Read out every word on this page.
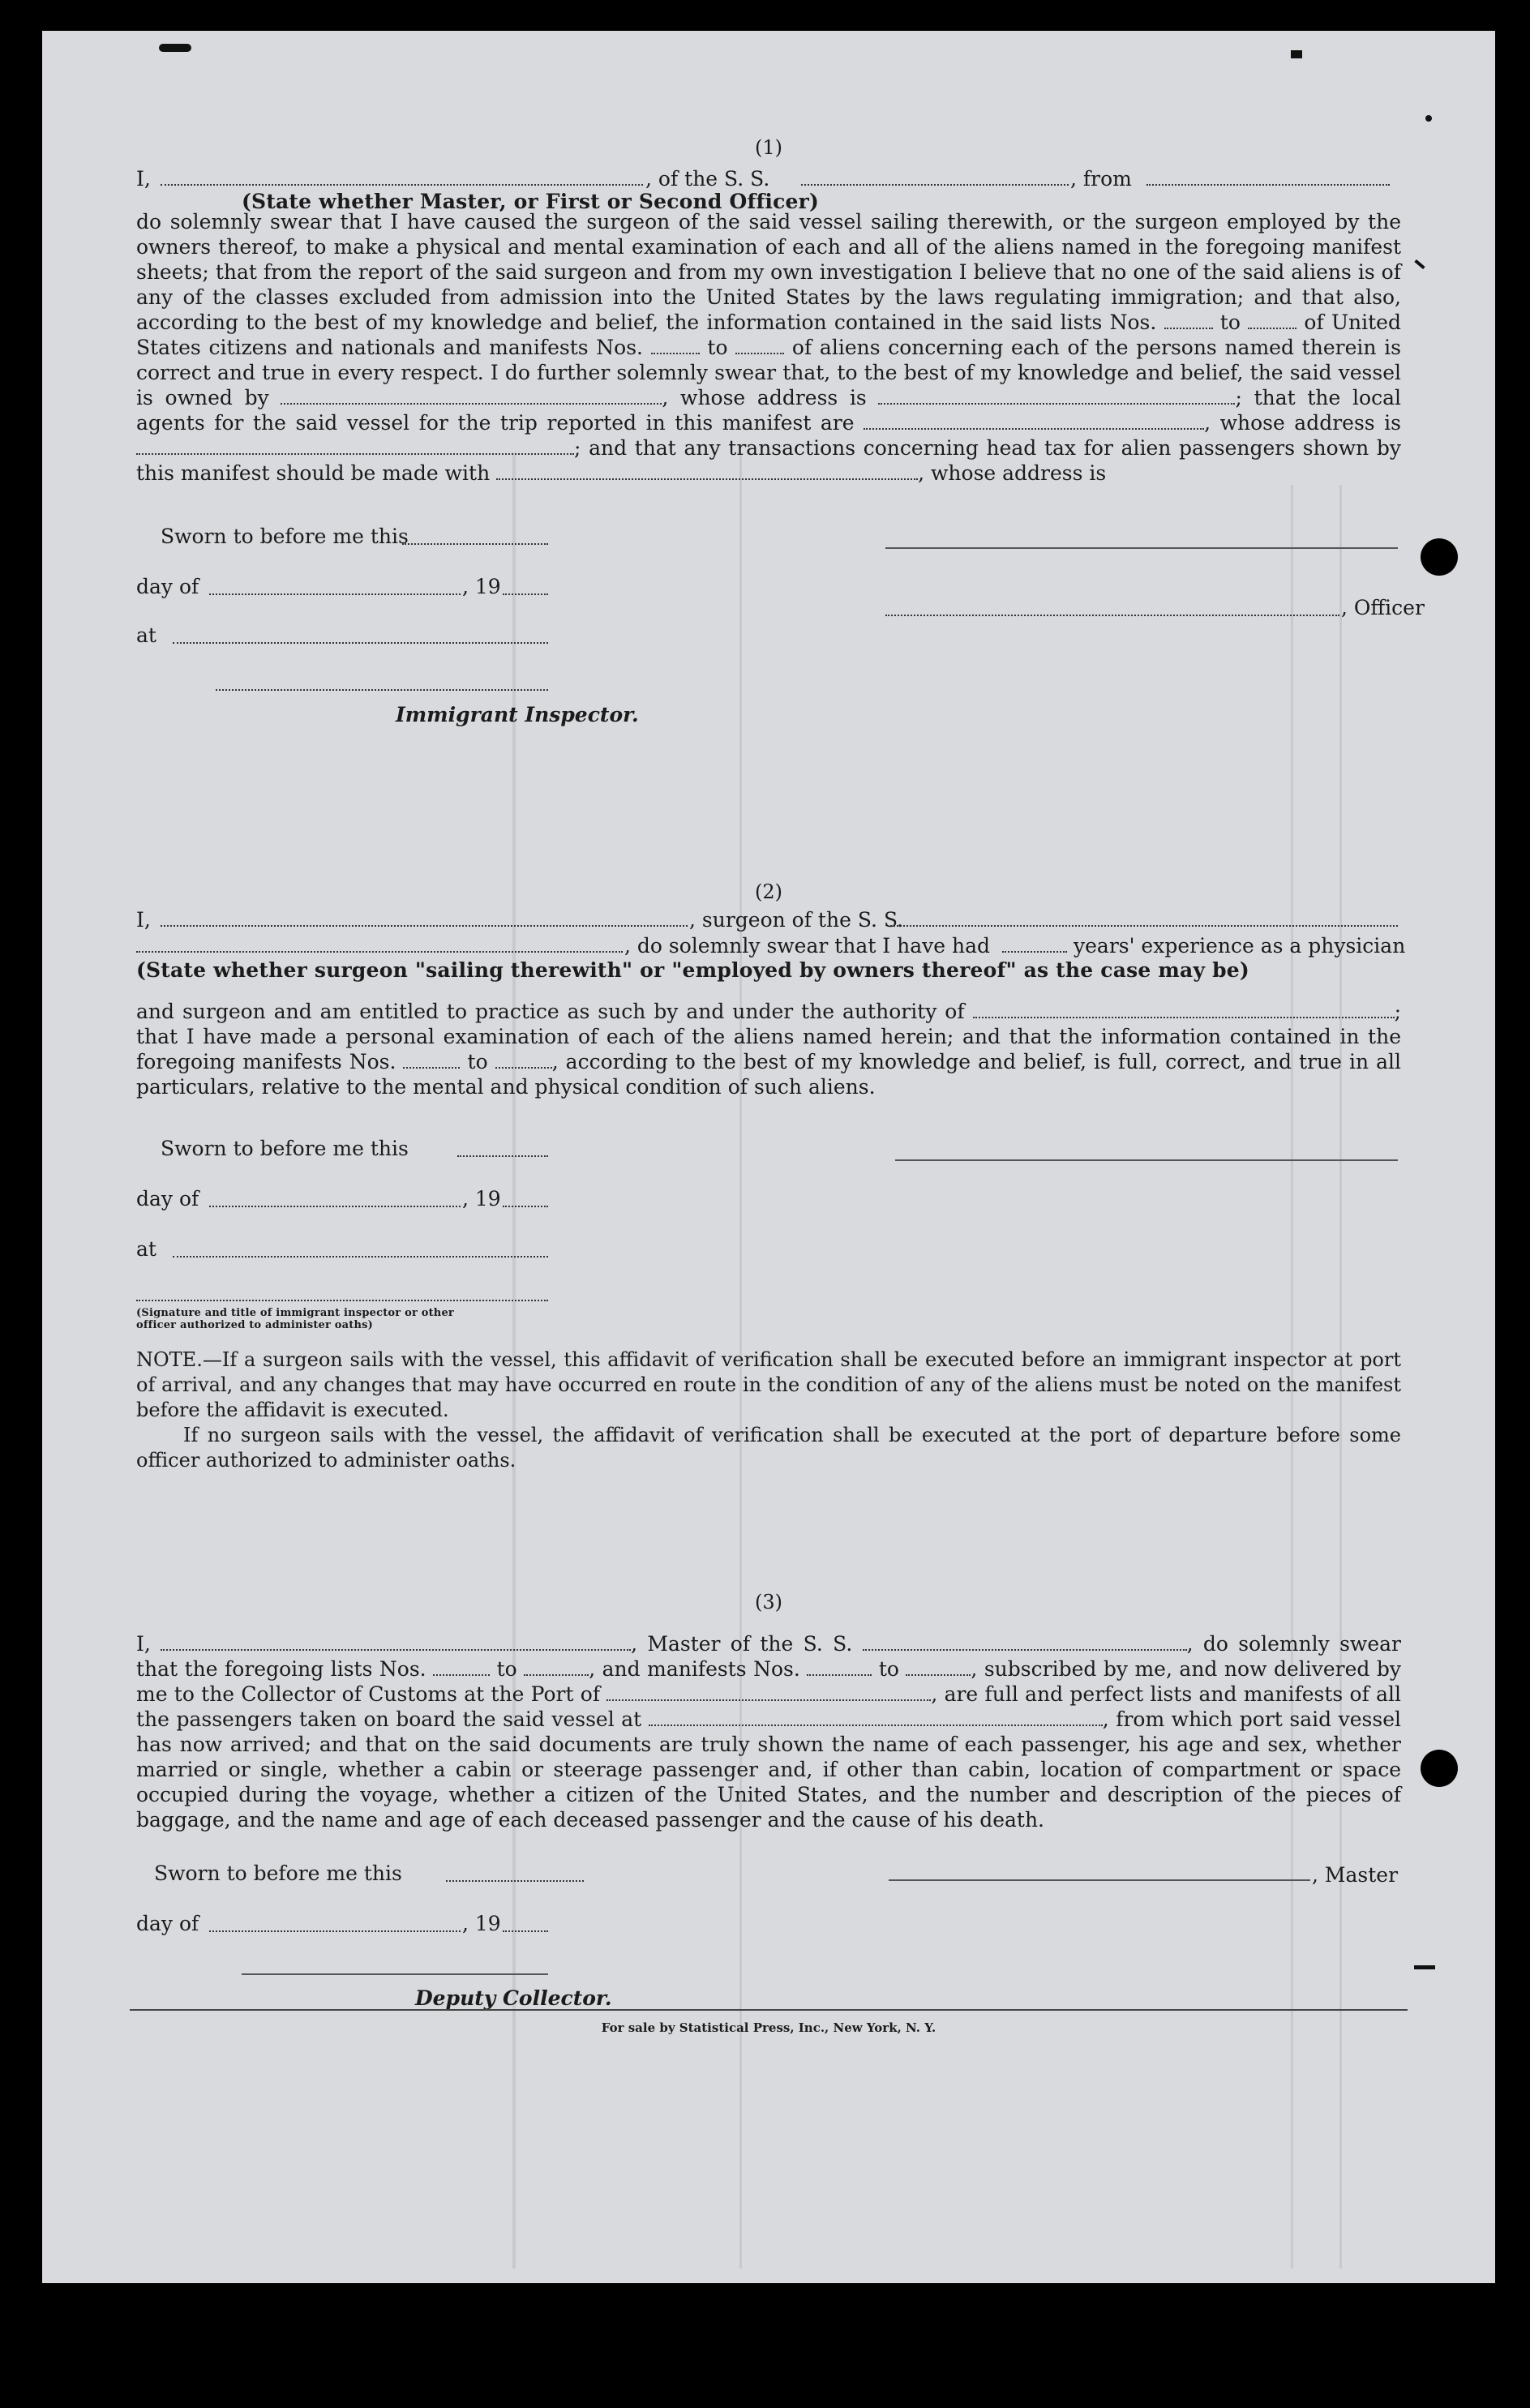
(1)
I,	, of the S. S.	, from
(State whether Master, or First or Second Officer)

do solemnly swear that I have caused the surgeon of the said vessel sailing therewith, or the surgeon employed by the owners thereof, to make a physical and mental examination of each and all of the aliens named in the foregoing manifest sheets; that from the report of the said surgeon and from my own investigation I believe that no one of the said aliens is of any of the classes excluded from admission into the United States by the laws regulating immigration; and that also, according to the best of my knowledge and belief, the information contained in the said lists Nos.	to	of United States citizens and nationals and manifests Nos.	to	of aliens concerning each of the persons named therein is correct and true in every respect. I do further solemnly swear that, to the best of my knowledge and belief, the said vessel is owned by	, whose address is	; that the local agents for the said vessel for the trip reported in this manifest are	, whose address is ; and that any transactions concerning head tax for alien passengers shown by this manifest should be made with	, whose address is

Sworn to before me this
day of	, 19
at
Immigrant Inspector.
, Officer
(2)
I,	, surgeon of the S. S.
, do solemnly swear that I have had	years' experience as a physician
(State whether surgeon "sailing therewith" or "employed by owners thereof" as the case may be)

and surgeon and am entitled to practice as such by and under the authority of	; that I have made a personal examination of each of the aliens named herein; and that the information contained in the foregoing manifests Nos.	to	, according to the best of my knowledge and belief, is full, correct, and true in all particulars, relative to the mental and physical condition of such aliens.

Sworn to before me this
day of	, 19
at
(Signature and title of immigrant inspector or other officer authorized to administer oaths)
NOTE.—If a surgeon sails with the vessel, this affidavit of verification shall be executed before an immigrant inspector at port of arrival, and any changes that may have occurred en route in the condition of any of the aliens must be noted on the manifest before the affidavit is executed.
If no surgeon sails with the vessel, the affidavit of verification shall be executed at the port of departure before some officer authorized to administer oaths.
(3)

I,	, Master of the S. S.	, do solemnly swear that the foregoing lists Nos.	to	, and manifests Nos.	to	, subscribed by me, and now delivered by me to the Collector of Customs at the Port of	, are full and perfect lists and manifests of all the passengers taken on board the said vessel at	, from which port said vessel has now arrived; and that on the said documents are truly shown the name of each passenger, his age and sex, whether married or single, whether a cabin or steerage passenger and, if other than cabin, location of compartment or space occupied during the voyage, whether a citizen of the United States, and the number and description of the pieces of baggage, and the name and age of each deceased passenger and the cause of his death.

Sworn to before me this	, Master
day of	, 19
Deputy Collector.
For sale by Statistical Press, Inc., New York, N. Y.
